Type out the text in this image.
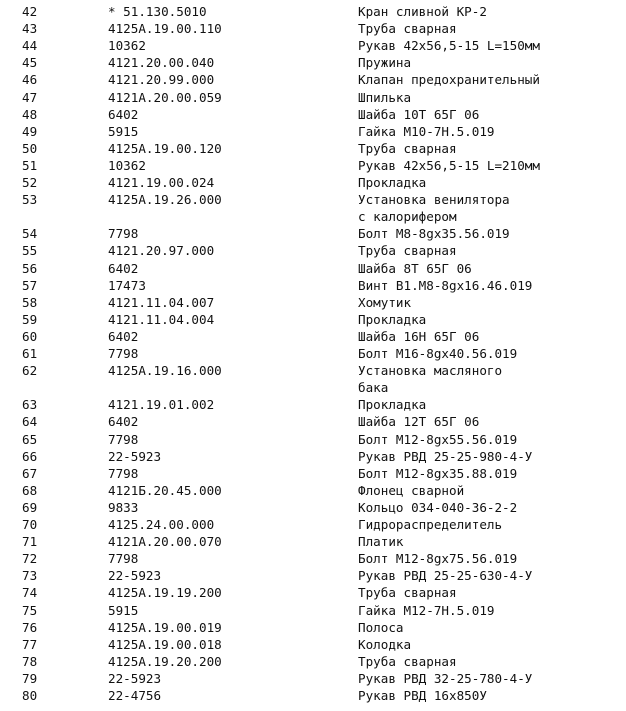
42	* 51.130.5010	Кран сливной КР-2
43	4125A.19.00.110	Труба сварная
44	10362	Рукав 42х56,5-15 L=150мм
45	4121.20.00.040	Пружина
46	4121.20.99.000	Клапан предохранительный
47	4121A.20.00.059	Шпилька
48	6402	Шайба 10Т 65Г 06
49	5915	Гайка М10-7Н.5.019
50	4125A.19.00.120	Труба сварная
51	10362	Рукав 42х56,5-15 L=210мм
52	4121.19.00.024	Прокладка
53	4125A.19.26.000	Установка венилятора
с калорифером
54	7798	Болт М8-8gх35.56.019
55	4121.20.97.000	Труба сварная
56	6402	Шайба 8Т 65Г 06
57	17473	Винт В1.М8-8gх16.46.019
58	4121.11.04.007	Хомутик
59	4121.11.04.004	Прокладка
60	6402	Шайба 16Н 65Г 06
61	7798	Болт М16-8gх40.56.019
62	4125A.19.16.000	Установка масляного
бака
63	4121.19.01.002	Прокладка
64	6402	Шайба 12Т 65Г 06
65	7798	Болт М12-8gх55.56.019
66	22-5923	Рукав РВД 25-25-980-4-У
67	7798	Болт М12-8gх35.88.019
68	4121Б.20.45.000	Флонец сварной
69	9833	Кольцо 034-040-36-2-2
70	4125.24.00.000	Гидрораспределитель
71	4121A.20.00.070	Платик
72	7798	Болт М12-8gх75.56.019
73	22-5923	Рукав РВД 25-25-630-4-У
74	4125A.19.19.200	Труба сварная
75	5915	Гайка М12-7Н.5.019
76	4125A.19.00.019	Полоса
77	4125A.19.00.018	Колодка
78	4125A.19.20.200	Труба сварная
79	22-5923	Рукав РВД 32-25-780-4-У
80	22-4756	Рукав РВД 16х850У
